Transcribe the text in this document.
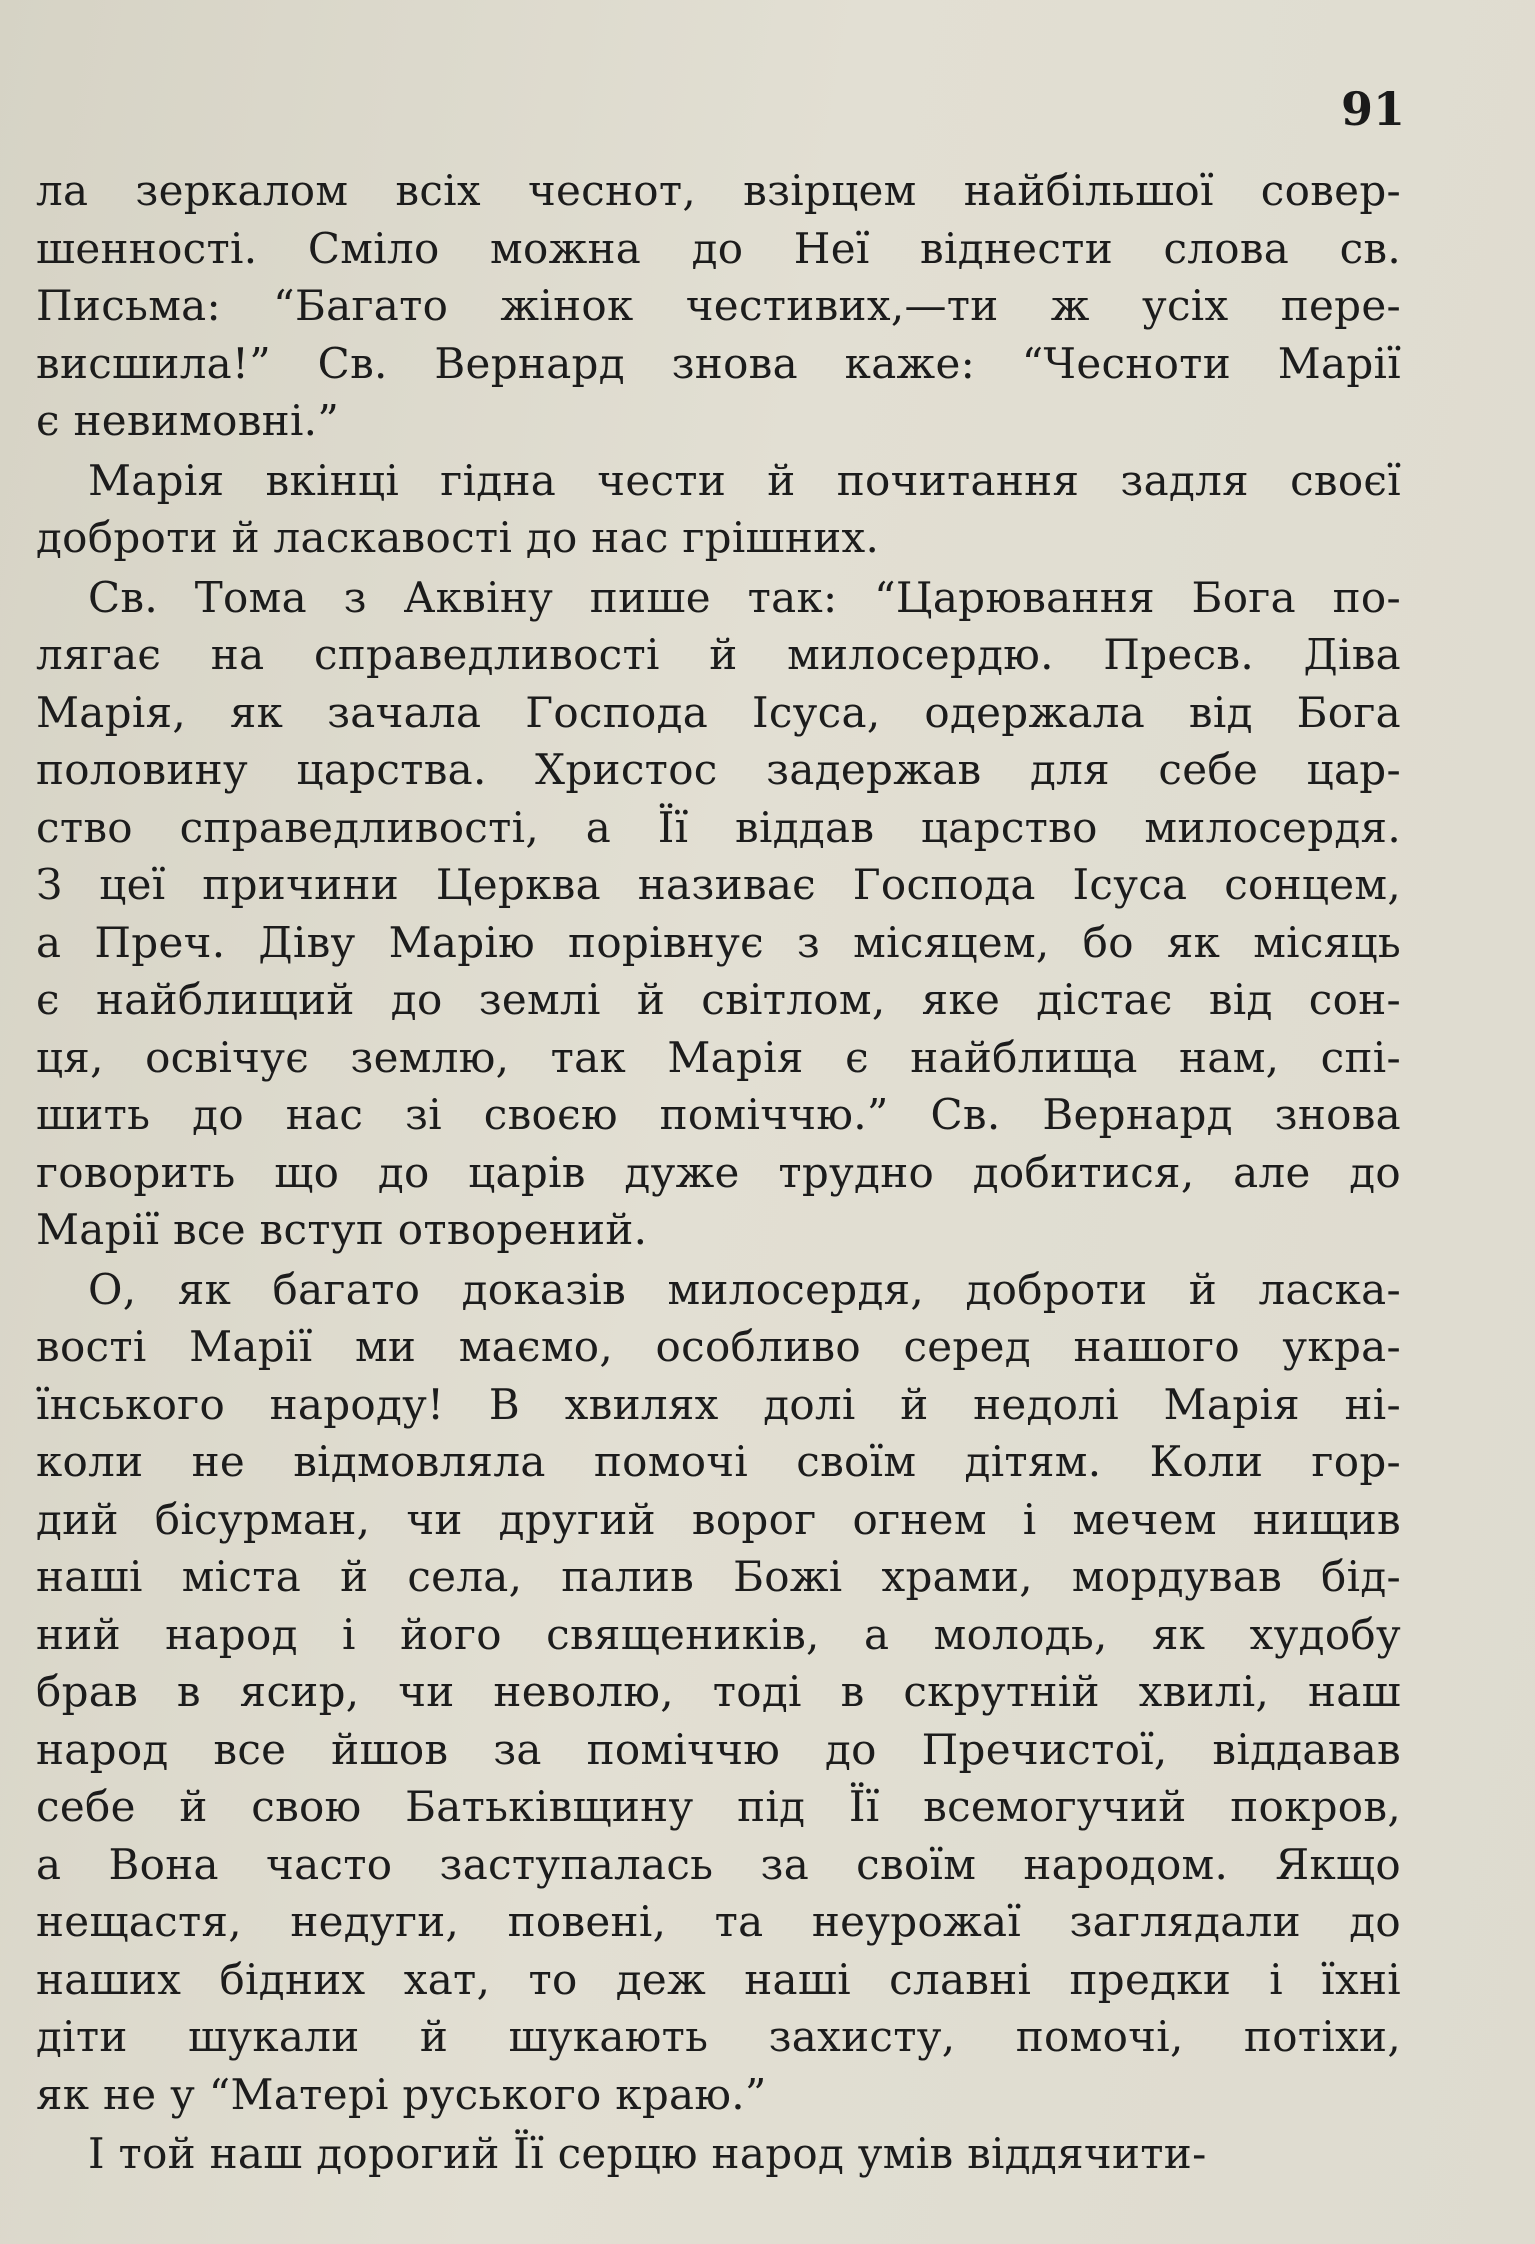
91
ла зеркалом всіх чеснот, взірцем найбільшої совер-
шенності. Сміло можна до Неї віднести слова св.
Письма: “Багато жінок честивих,—ти ж усіх пере-
висшила!” Св. Вернард знова каже: “Чесноти Марії
є невимовні.”
Марія вкінці гідна чести й почитання задля своєї
доброти й ласкавості до нас грішних.
Св. Тома з Аквіну пише так: “Царювання Бога по-
лягає на справедливості й милосердю. Пресв. Діва
Марія, як зачала Господа Ісуса, одержала від Бога
половину царства. Христос задержав для себе цар-
ство справедливості, а Її віддав царство милосердя.
З цеї причини Церква називає Господа Ісуса сонцем,
а Преч. Діву Марію порівнує з місяцем, бо як місяць
є найблищий до землі й світлом, яке дістає від сон-
ця, освічує землю, так Марія є найблища нам, спі-
шить до нас зі своєю поміччю.” Св. Вернард знова
говорить що до царів дуже трудно добитися, але до
Марії все вступ отворений.
О, як багато доказів милосердя, доброти й ласка-
вості Марії ми маємо, особливо серед нашого укра-
їнського народу! В хвилях долі й недолі Марія ні-
коли не відмовляла помочі своїм дітям. Коли гор-
дий бісурман, чи другий ворог огнем і мечем нищив
наші міста й села, палив Божі храми, мордував бід-
ний народ і його священиків, а молодь, як худобу
брав в ясир, чи неволю, тоді в скрутній хвилі, наш
народ все йшов за поміччю до Пречистої, віддавав
себе й свою Батьківщину під Її всемогучий покров,
а Вона часто заступалась за своїм народом. Якщо
нещастя, недуги, повені, та неурожаї заглядали до
наших бідних хат, то деж наші славні предки і їхні
діти шукали й шукають захисту, помочі, потіхи,
як не у “Матері руського краю.”
І той наш дорогий Її серцю народ умів віддячити-
